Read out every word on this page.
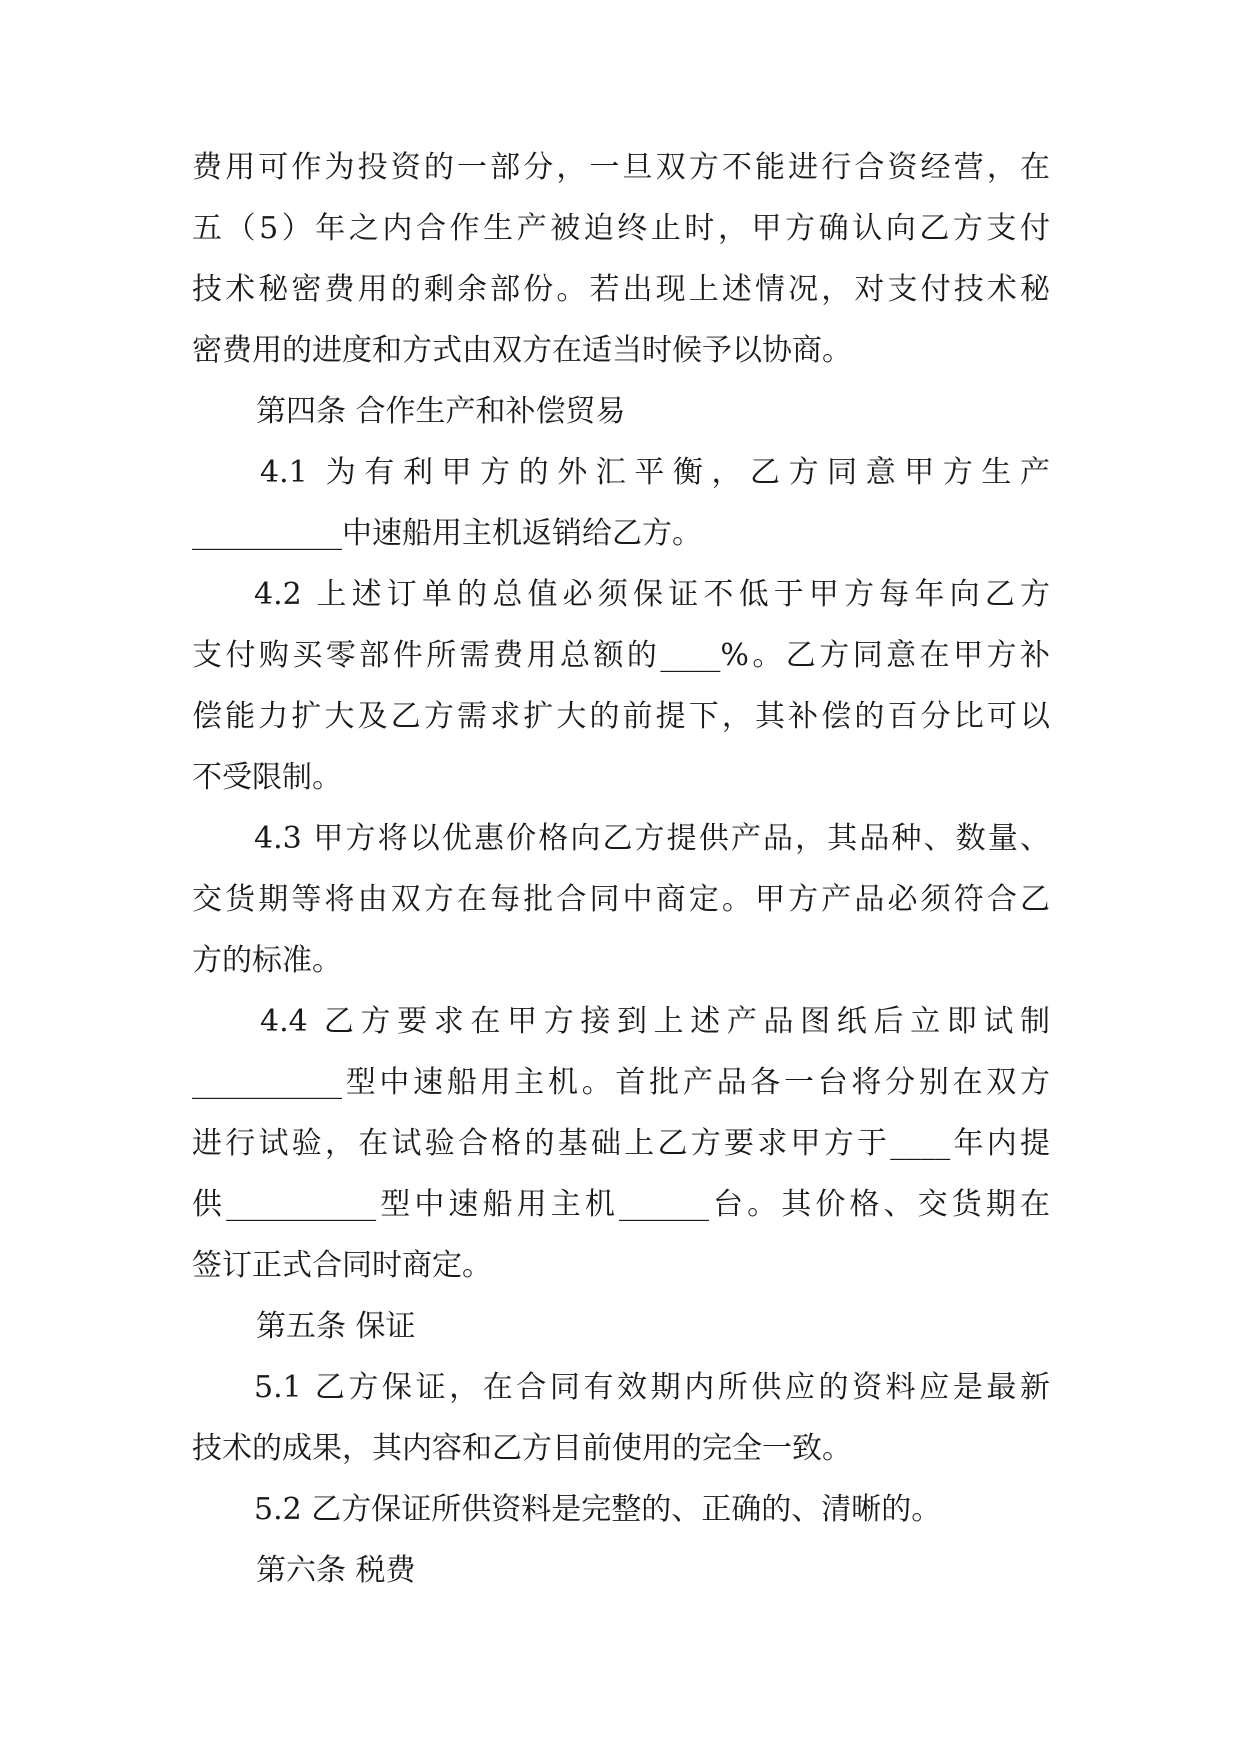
费用可作为投资的一部分，一旦双方不能进行合资经营，在
五（5）年之内合作生产被迫终止时，甲方确认向乙方支付
技术秘密费用的剩余部份。若出现上述情况，对支付技术秘
密费用的进度和方式由双方在适当时候予以协商。
第四条 合作生产和补偿贸易
4.1 为有利甲方的外汇平衡，乙方同意甲方生产
__________中速船用主机返销给乙方。
4.2 上述订单的总值必须保证不低于甲方每年向乙方
支付购买零部件所需费用总额的____%。乙方同意在甲方补
偿能力扩大及乙方需求扩大的前提下，其补偿的百分比可以
不受限制。
4.3 甲方将以优惠价格向乙方提供产品，其品种、数量、
交货期等将由双方在每批合同中商定。甲方产品必须符合乙
方的标准。
4.4 乙方要求在甲方接到上述产品图纸后立即试制
__________型中速船用主机。首批产品各一台将分别在双方
进行试验，在试验合格的基础上乙方要求甲方于____年内提
供__________型中速船用主机______台。其价格、交货期在
签订正式合同时商定。
第五条 保证
5.1 乙方保证，在合同有效期内所供应的资料应是最新
技术的成果，其内容和乙方目前使用的完全一致。
5.2 乙方保证所供资料是完整的、正确的、清晰的。
第六条 税费
